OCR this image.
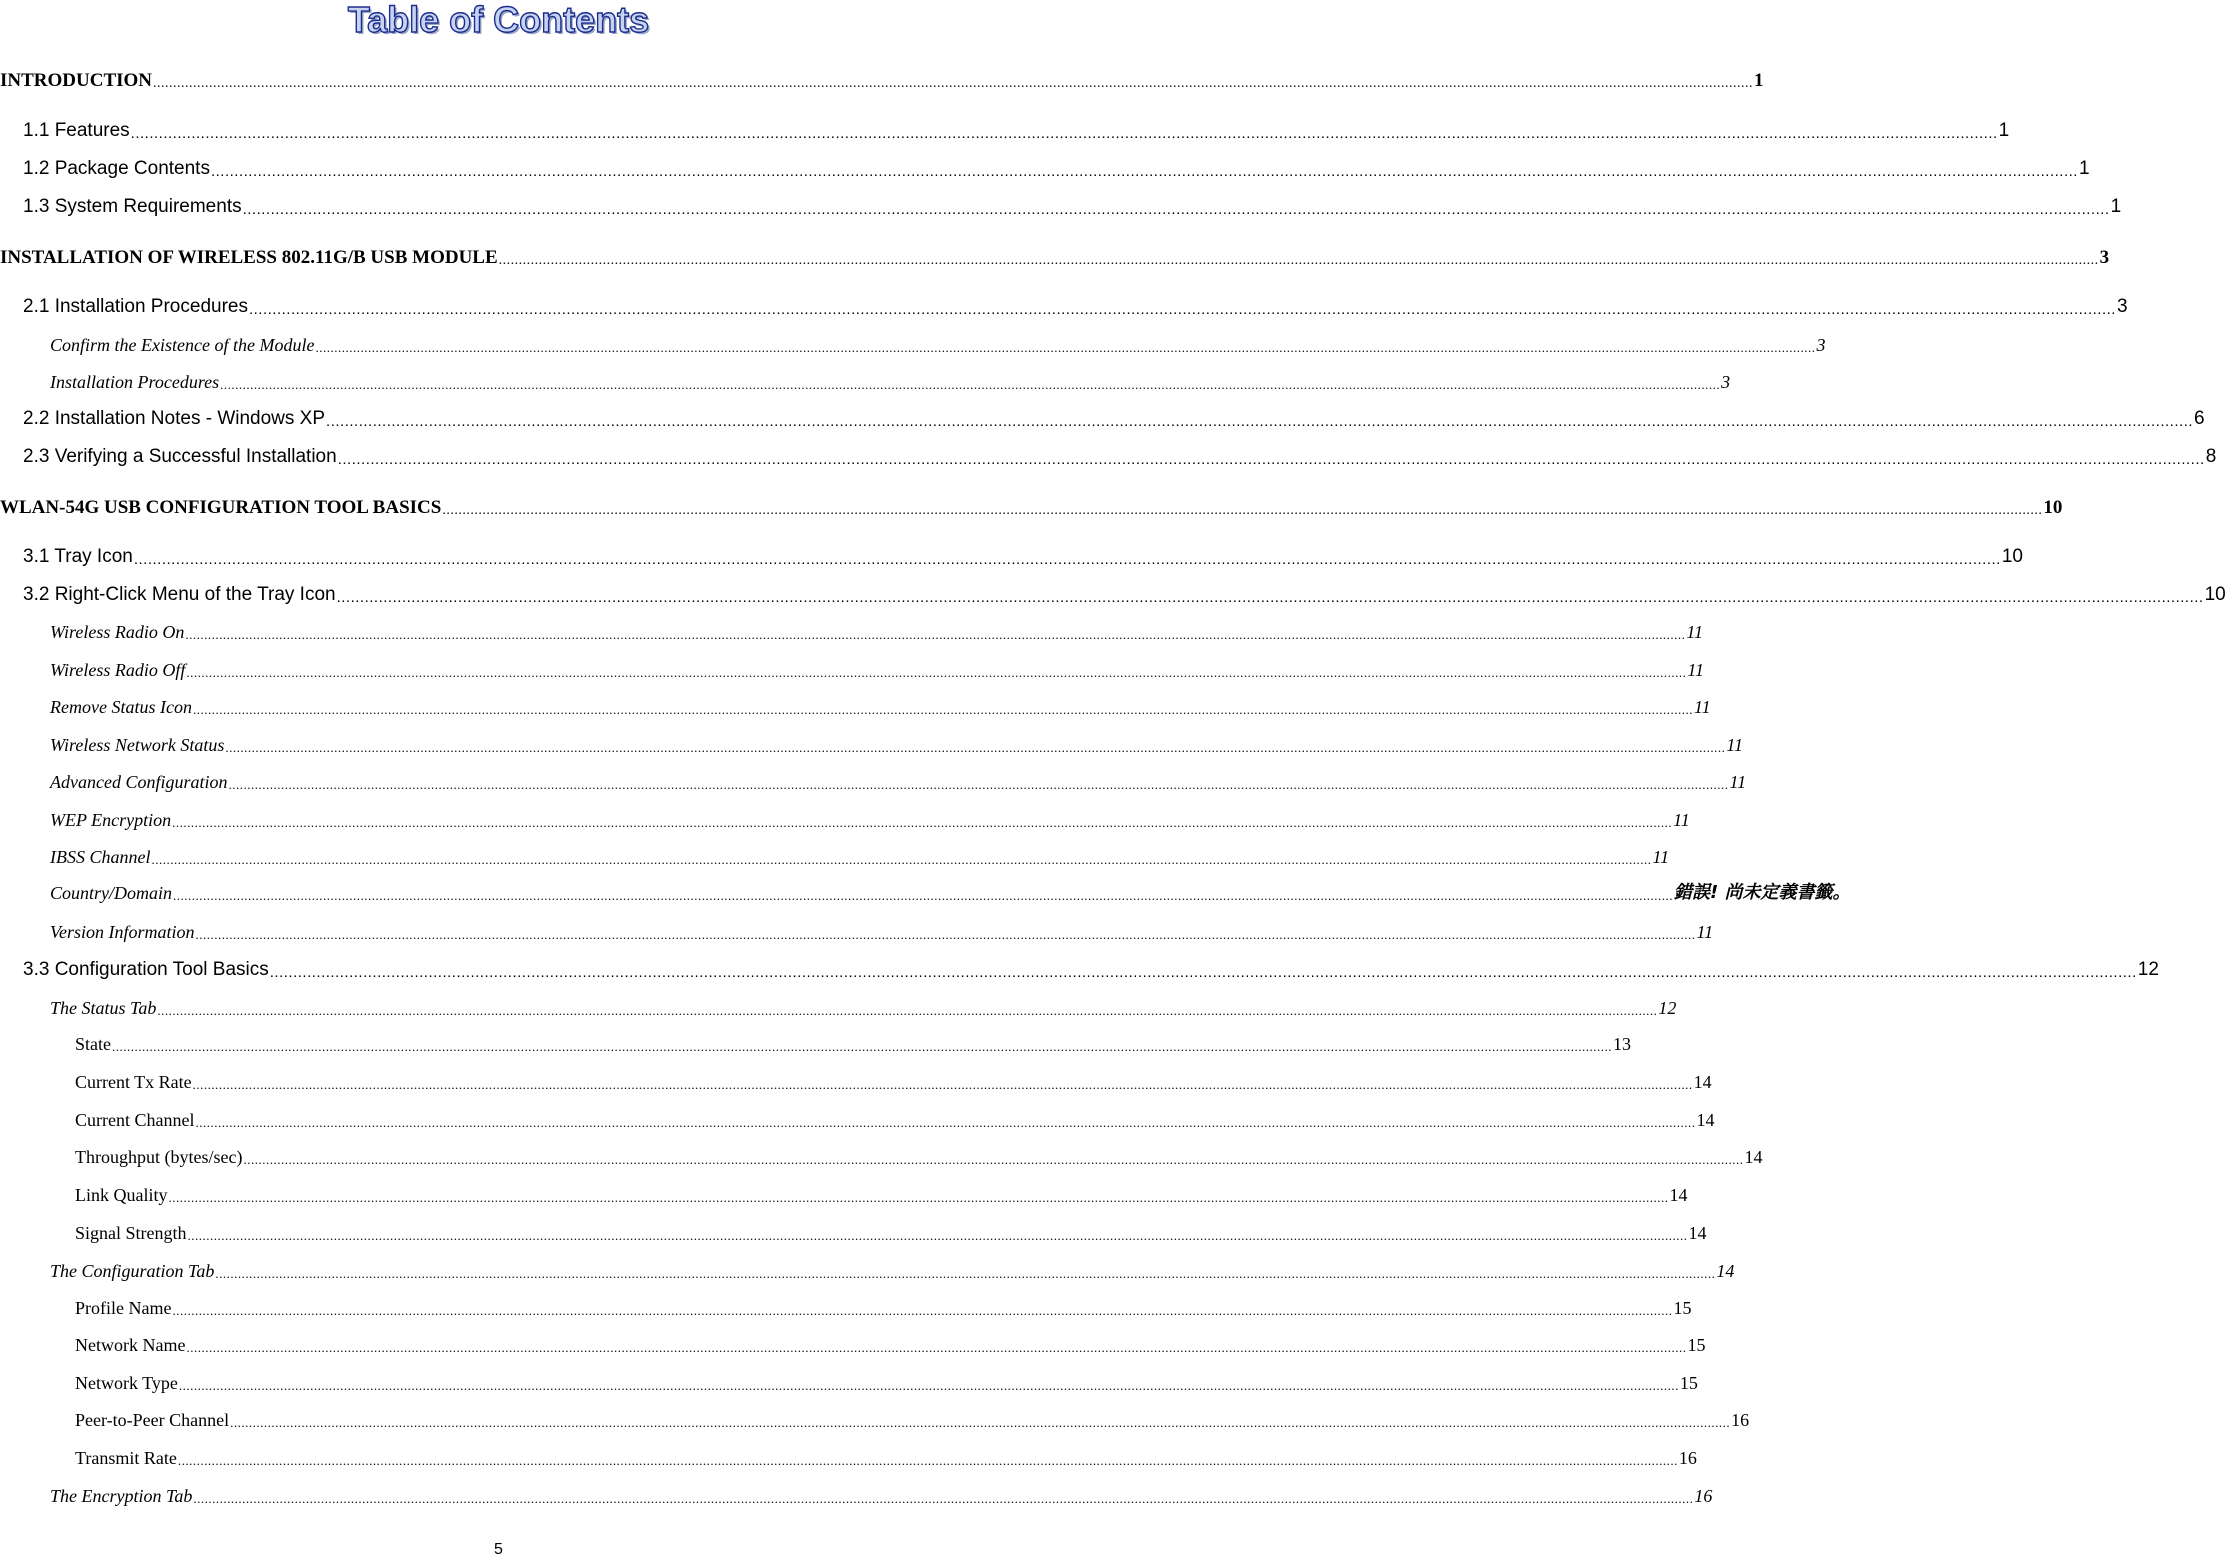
Table of Contents
INTRODUCTION ................................................................................................................................................................................................................................................................................................................................................................................................................ 1
1.1 Features ................................................................................................................................................................................................................................................................................................................................................................................................................ 1
1.2 Package Contents ................................................................................................................................................................................................................................................................................................................................................................................................................ 1
1.3 System Requirements ................................................................................................................................................................................................................................................................................................................................................................................................................ 1
INSTALLATION OF WIRELESS 802.11G/B USB MODULE ................................................................................................................................................................................................................................................................................................................................................................................................................ 3
2.1 Installation Procedures ................................................................................................................................................................................................................................................................................................................................................................................................................ 3
Confirm the Existence of the Module ................................................................................................................................................................................................................................................................................................................................................................................................................ 3
Installation Procedures ................................................................................................................................................................................................................................................................................................................................................................................................................ 3
2.2 Installation Notes - Windows XP ................................................................................................................................................................................................................................................................................................................................................................................................................ 6
2.3 Verifying a Successful Installation ................................................................................................................................................................................................................................................................................................................................................................................................................ 8
WLAN-54G USB CONFIGURATION TOOL BASICS ................................................................................................................................................................................................................................................................................................................................................................................................................ 10
3.1 Tray Icon ................................................................................................................................................................................................................................................................................................................................................................................................................ 10
3.2 Right-Click Menu of the Tray Icon ................................................................................................................................................................................................................................................................................................................................................................................................................ 10
Wireless Radio On ................................................................................................................................................................................................................................................................................................................................................................................................................ 11
Wireless Radio Off ................................................................................................................................................................................................................................................................................................................................................................................................................ 11
Remove Status Icon ................................................................................................................................................................................................................................................................................................................................................................................................................ 11
Wireless Network Status ................................................................................................................................................................................................................................................................................................................................................................................................................ 11
Advanced Configuration ................................................................................................................................................................................................................................................................................................................................................................................................................ 11
WEP Encryption ................................................................................................................................................................................................................................................................................................................................................................................................................ 11
IBSS Channel ................................................................................................................................................................................................................................................................................................................................................................................................................ 11
Country/Domain ................................................................................................................................................................................................................................................................................................................................................................................................................ 錯誤! 尚未定義書籤。
Version Information ................................................................................................................................................................................................................................................................................................................................................................................................................ 11
3.3 Configuration Tool Basics ................................................................................................................................................................................................................................................................................................................................................................................................................ 12
The Status Tab ................................................................................................................................................................................................................................................................................................................................................................................................................ 12
State ................................................................................................................................................................................................................................................................................................................................................................................................................ 13
Current Tx Rate ................................................................................................................................................................................................................................................................................................................................................................................................................ 14
Current Channel ................................................................................................................................................................................................................................................................................................................................................................................................................ 14
Throughput (bytes/sec) ................................................................................................................................................................................................................................................................................................................................................................................................................ 14
Link Quality ................................................................................................................................................................................................................................................................................................................................................................................................................ 14
Signal Strength ................................................................................................................................................................................................................................................................................................................................................................................................................ 14
The Configuration Tab ................................................................................................................................................................................................................................................................................................................................................................................................................ 14
Profile Name ................................................................................................................................................................................................................................................................................................................................................................................................................ 15
Network Name ................................................................................................................................................................................................................................................................................................................................................................................................................ 15
Network Type ................................................................................................................................................................................................................................................................................................................................................................................................................ 15
Peer-to-Peer Channel ................................................................................................................................................................................................................................................................................................................................................................................................................ 16
Transmit Rate ................................................................................................................................................................................................................................................................................................................................................................................................................ 16
The Encryption Tab ................................................................................................................................................................................................................................................................................................................................................................................................................ 16
5
